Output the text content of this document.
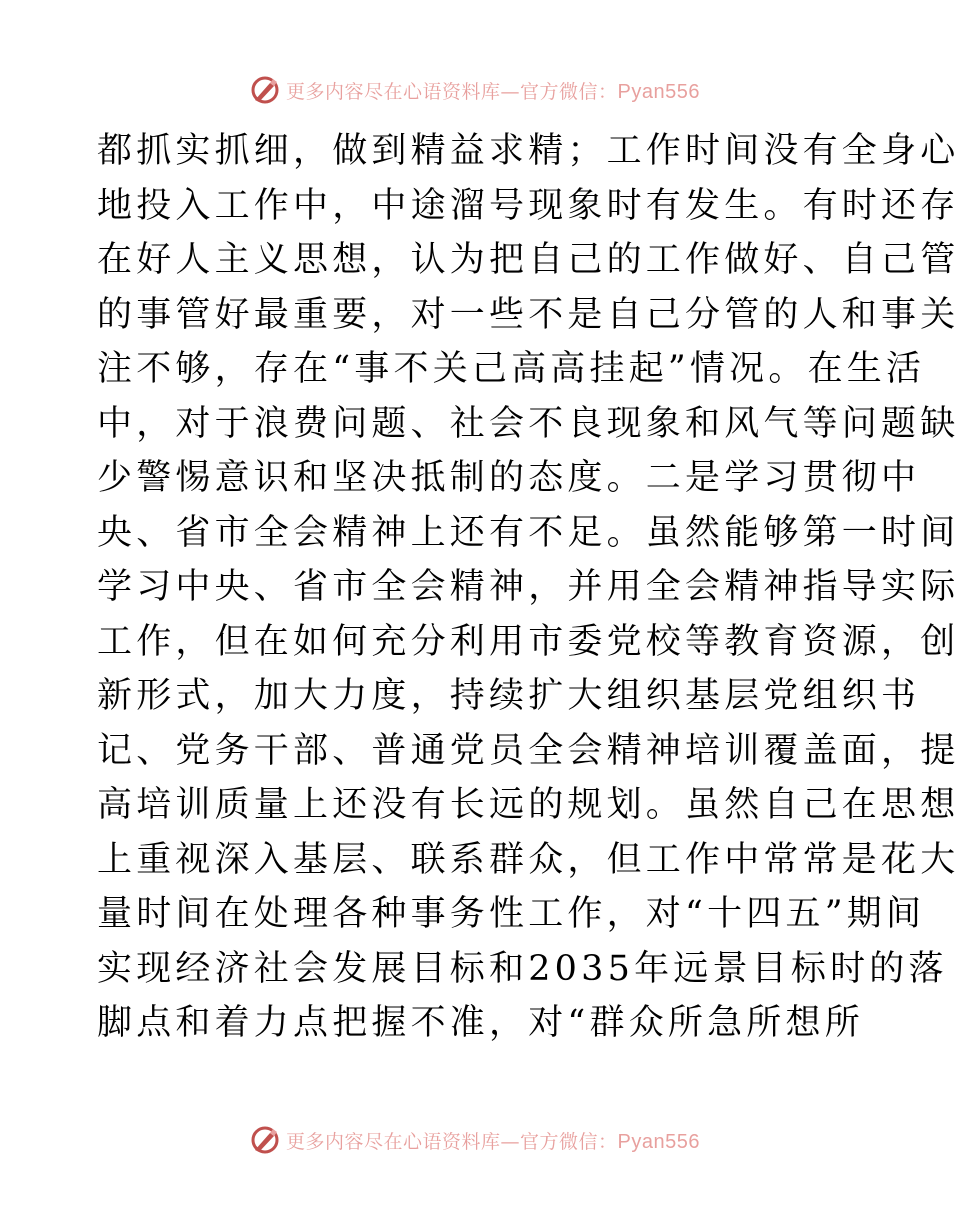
更多内容尽在心语资料库—官方微信：Pyan556
都抓实抓细，做到精益求精；工作时间没有全身心
地投入工作中，中途溜号现象时有发生。有时还存
在好人主义思想，认为把自己的工作做好、自己管
的事管好最重要，对一些不是自己分管的人和事关
注不够，存在“事不关己高高挂起”情况。在生活
中，对于浪费问题、社会不良现象和风气等问题缺
少警惕意识和坚决抵制的态度。二是学习贯彻中
央、省市全会精神上还有不足。虽然能够第一时间
学习中央、省市全会精神，并用全会精神指导实际
工作，但在如何充分利用市委党校等教育资源，创
新形式，加大力度，持续扩大组织基层党组织书
记、党务干部、普通党员全会精神培训覆盖面，提
高培训质量上还没有长远的规划。虽然自己在思想
上重视深入基层、联系群众，但工作中常常是花大
量时间在处理各种事务性工作，对“十四五”期间
实现经济社会发展目标和2035年远景目标时的落
脚点和着力点把握不准，对“群众所急所想所
更多内容尽在心语资料库—官方微信：Pyan556
